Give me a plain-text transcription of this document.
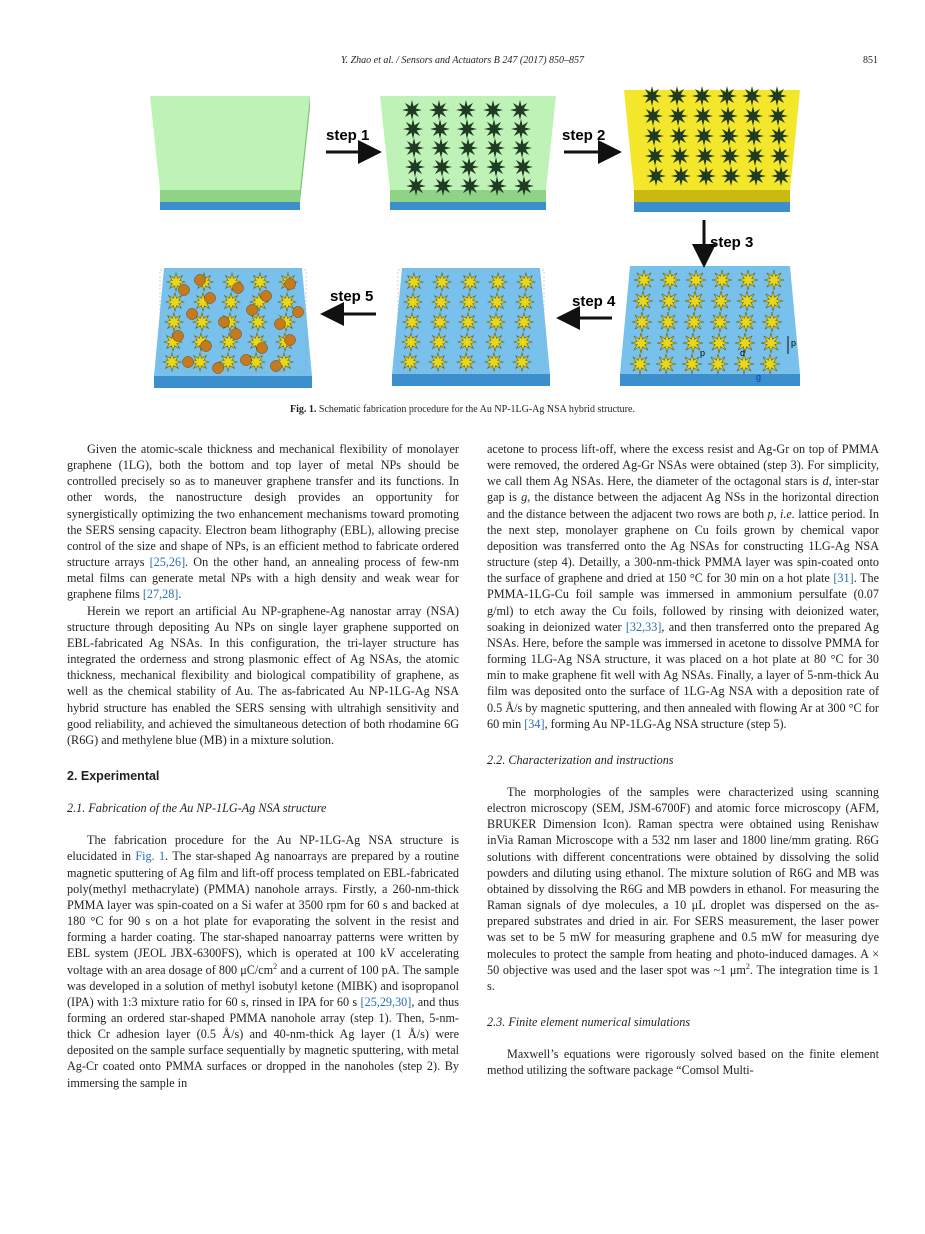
Y. Zhao et al. / Sensors and Actuators B 247 (2017) 850–857	851
p
p	d
g
step 1	step 2
step 3
step 4
step 5
Fig. 1. Schematic fabrication procedure for the Au NP-1LG-Ag NSA hybrid structure.

Given the atomic-scale thickness and mechanical flexibility of monolayer graphene (1LG), both the bottom and top layer of metal NPs should be controlled precisely so as to maneuver graphene transfer and its functions. In other words, the nanostructure desigh provides an opportunity for synergistically optimizing the two enhancement mechanisms toward promoting the SERS sensing capacity. Electron beam lithography (EBL), allowing precise control of the size and shape of NPs, is an efficient method to fabricate ordered structure arrays [25,26]. On the other hand, an annealing process of few-nm metal films can generate metal NPs with a high density and weak wear for graphene films [27,28].

Herein we report an artificial Au NP-graphene-Ag nanostar array (NSA) structure through depositing Au NPs on single layer graphene supported on EBL-fabricated Ag NSAs. In this configuration, the tri-layer structure has integrated the orderness and strong plasmonic effect of Ag NSAs, the atomic thickness, mechanical flexibility and biological compatibility of graphene, as well as the chemical stability of Au. The as-fabricated Au NP-1LG-Ag NSA hybrid structure has enabled the SERS sensing with ultrahigh sensitivity and good reliability, and achieved the simultaneous detection of both rhodamine 6G (R6G) and methylene blue (MB) in a mixture solution.

2. Experimental

2.1. Fabrication of the Au NP-1LG-Ag NSA structure

The fabrication procedure for the Au NP-1LG-Ag NSA structure is elucidated in Fig. 1. The star-shaped Ag nanoarrays are prepared by a routine magnetic sputtering of Ag film and lift-off process templated on EBL-fabricated poly(methyl methacrylate) (PMMA) nanohole arrays. Firstly, a 260-nm-thick PMMA layer was spin-coated on a Si wafer at 3500 rpm for 60 s and backed at 180 °C for 90 s on a hot plate for evaporating the solvent in the resist and forming a harder coating. The star-shaped nanoarray patterns were written by EBL system (JEOL JBX-6300FS), which is operated at 100 kV accelerating voltage with an area dosage of 800 $\mu C/cm^2$ and a current of 100 pA. The sample was developed in a solution of methyl isobutyl ketone (MIBK) and isopropanol (IPA) with 1:3 mixture ratio for 60 s, rinsed in IPA for 60 s [25,29,30], and thus forming an ordered star-shaped PMMA nanohole array (step 1). Then, 5-nm-thick Cr adhesion layer (0.5 Å/s) and 40-nm-thick Ag layer (1 Å/s) were deposited on the sample surface sequentially by magnetic sputtering, with metal Ag-Cr coated onto PMMA surfaces or dropped in the nanoholes (step 2). By immersing the sample in

acetone to process lift-off, where the excess resist and Ag-Gr on top of PMMA were removed, the ordered Ag-Gr NSAs were obtained (step 3). For simplicity, we call them Ag NSAs. Here, the diameter of the octagonal stars is d, inter-star gap is g, the distance between the adjacent Ag NSs in the horizontal direction and the distance between the adjacent two rows are both p, i.e. lattice period. In the next step, monolayer graphene on Cu foils grown by chemical vapor deposition was transferred onto the Ag NSAs for constructing 1LG-Ag NSA structure (step 4). Detailly, a 300-nm-thick PMMA layer was spin-coated onto the surface of graphene and dried at 150 °C for 30 min on a hot plate [31]. The PMMA-1LG-Cu foil sample was immersed in ammonium persulfate (0.07 g/ml) to etch away the Cu foils, followed by rinsing with deionized water, soaking in deionized water [32,33], and then transferred onto the prepared Ag NSAs. Here, before the sample was immersed in acetone to dissolve PMMA for forming 1LG-Ag NSA structure, it was placed on a hot plate at 80 °C for 30 min to make graphene fit well with Ag NSAs. Finally, a layer of 5-nm-thick Au film was deposited onto the surface of 1LG-Ag NSA with a deposition rate of 0.5 Å/s by magnetic sputtering, and then annealed with flowing Ar at 300 °C for 60 min [34], forming Au NP-1LG-Ag NSA structure (step 5).

2.2. Characterization and instructions

The morphologies of the samples were characterized using scanning electron microscopy (SEM, JSM-6700F) and atomic force microscopy (AFM, BRUKER Dimension Icon). Raman spectra were obtained using Renishaw inVia Raman Microscope with a 532 nm laser and 1800 line/mm grating. R6G solutions with different concentrations were obtained by dissolving the solid powders and diluting using ethanol. The mixture solution of R6G and MB was obtained by dissolving the R6G and MB powders in ethanol. For measuring the Raman signals of dye molecules, a 10 μL droplet was dispersed on the as-prepared substrates and dried in air. For SERS measurement, the laser power was set to be 5 mW for measuring graphene and 0.5 mW for measuring dye molecules to protect the sample from heating and photo-induced damages. A × 50 objective was used and the laser spot was ~1 $\mu m^2$. The integration time is 1 s.

2.3. Finite element numerical simulations

Maxwell’s equations were rigorously solved based on the finite element method utilizing the software package “Comsol Multi-
